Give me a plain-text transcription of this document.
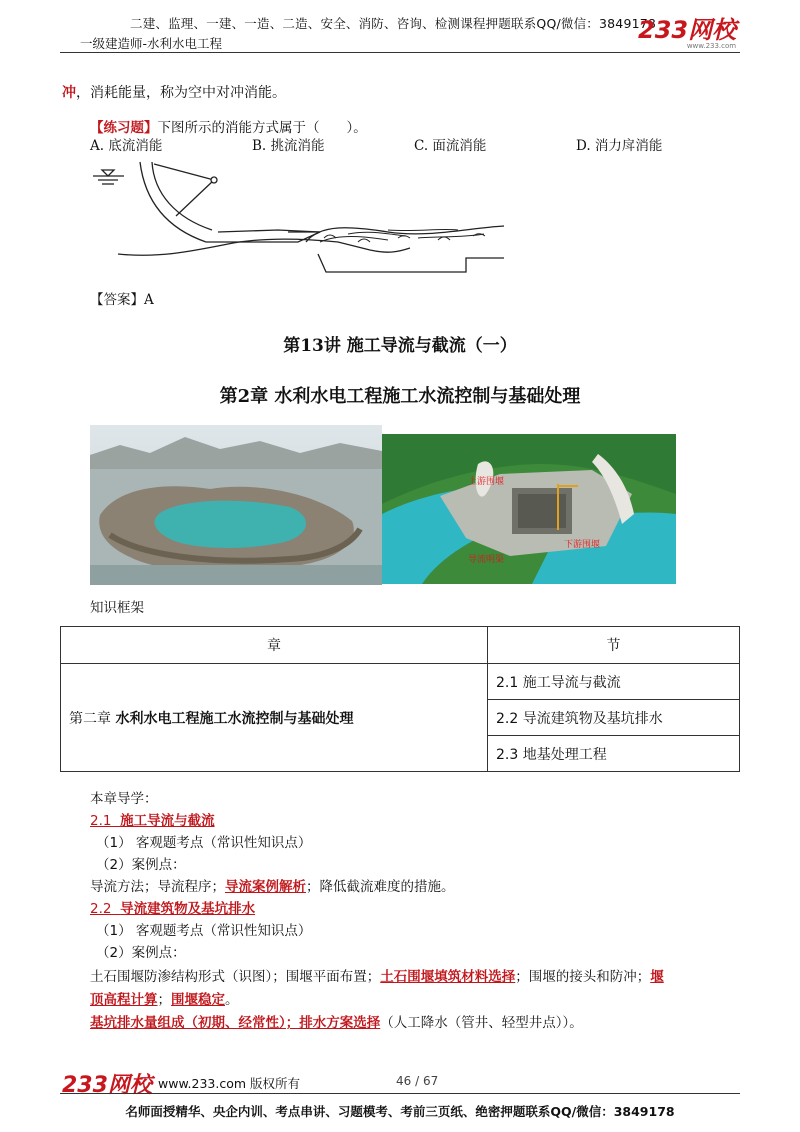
二建、监理、一建、一造、二造、安全、消防、咨询、检测课程押题联系QQ/微信：3849178
一级建造师-水利水电工程	233网校
www.233.com
冲，消耗能量，称为空中对冲消能。
【练习题】下图所示的消能方式属于（　　）。
A. 底流消能	B. 挑流消能	C. 面流消能	D. 消力戽消能
【答案】A
第13讲 施工导流与截流（一）
第2章 水利水电工程施工水流控制与基础处理
上游围堰
下游围堰
导流明渠
知识框架
章	节
第二章 水利水电工程施工水流控制与基础处理	2.1 施工导流与截流
	2.2 导流建筑物及基坑排水
	2.3 地基处理工程
本章导学：
2.1 施工导流与截流
（1） 客观题考点（常识性知识点）
（2）案例点：
导流方法；导流程序；导流案例解析；降低截流难度的措施。
2.2 导流建筑物及基坑排水
（1） 客观题考点（常识性知识点）
（2）案例点：
土石围堰防渗结构形式（识图）；围堰平面布置；土石围堰填筑材料选择；围堰的接头和防冲；堰
顶高程计算；围堰稳定。
基坑排水量组成（初期、经常性）；排水方案选择（人工降水（管井、轻型井点））。
233网校 www.233.com 版权所有	46 / 67
名师面授精华、央企内训、考点串讲、习题模考、考前三页纸、绝密押题联系QQ/微信：3849178
